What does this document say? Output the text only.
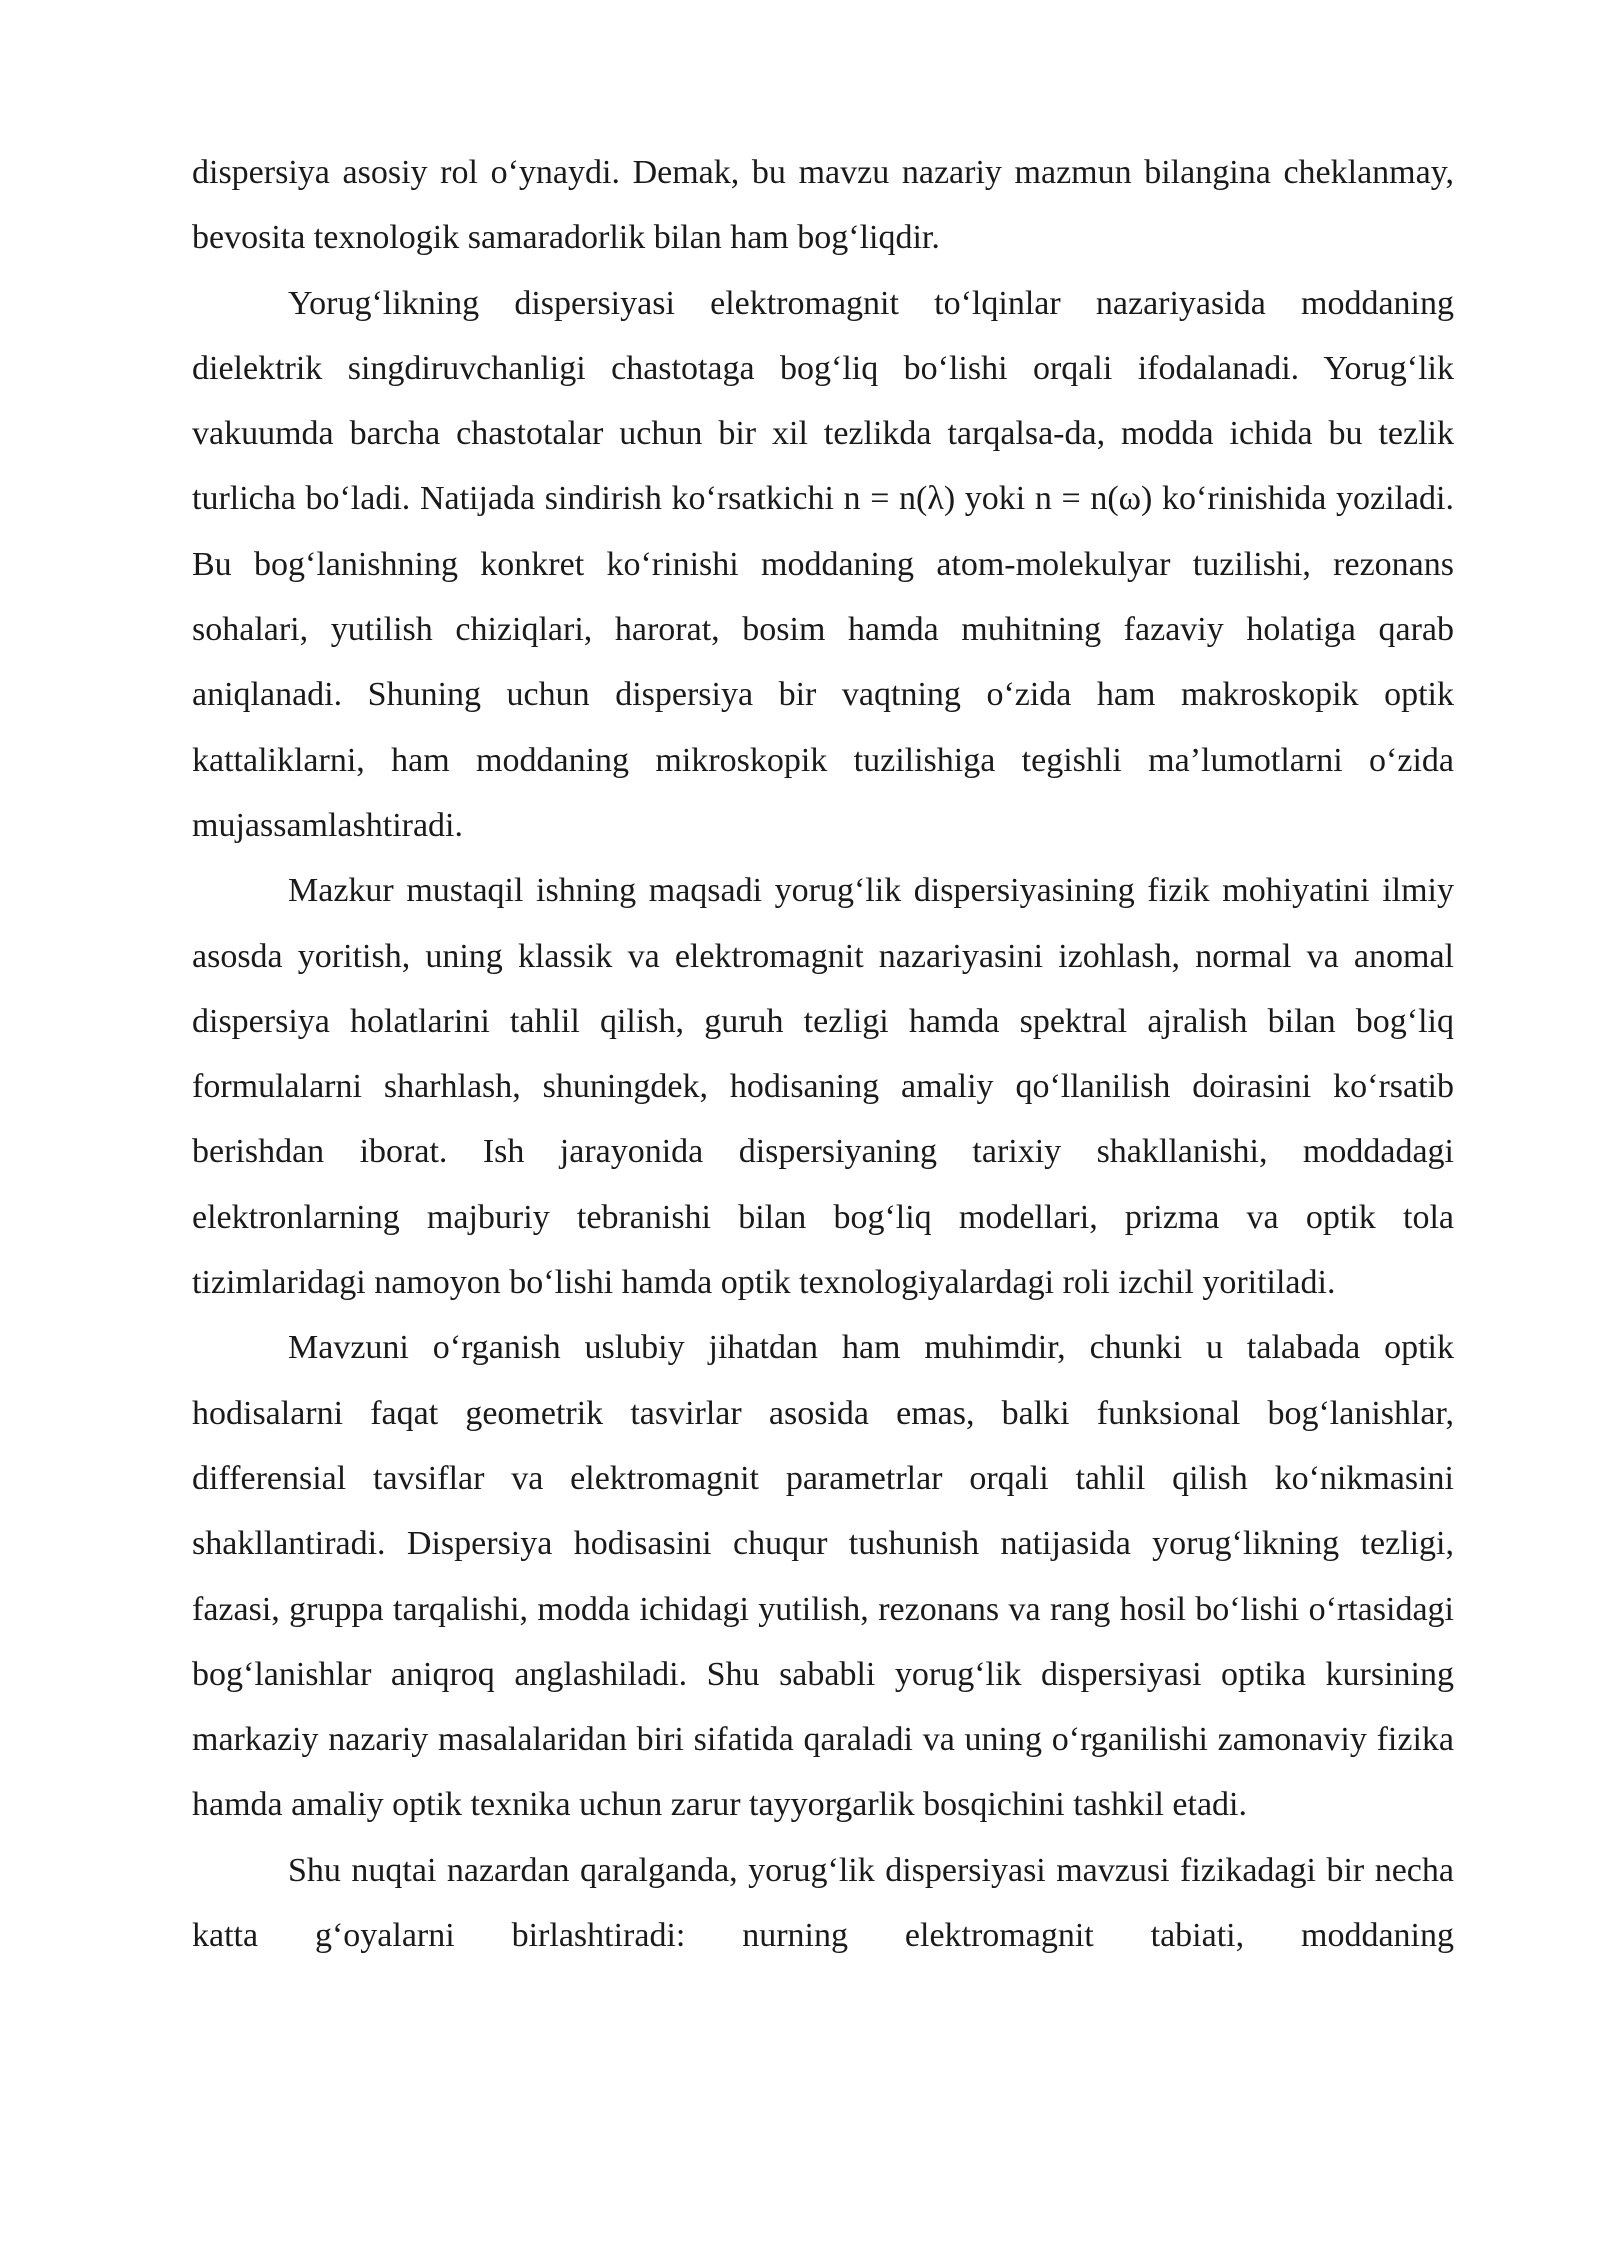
dispersiya asosiy rol o‘ynaydi. Demak, bu mavzu nazariy mazmun bilangina cheklanmay, bevosita texnologik samaradorlik bilan ham bog‘liqdir.

Yorug‘likning dispersiyasi elektromagnit to‘lqinlar nazariyasida moddaning dielektrik singdiruvchanligi chastotaga bog‘liq bo‘lishi orqali ifodalanadi. Yorug‘lik vakuumda barcha chastotalar uchun bir xil tezlikda tarqalsa-da, modda ichida bu tezlik turlicha bo‘ladi. Natijada sindirish ko‘rsatkichi n = n(λ) yoki n = n(ω) ko‘rinishida yoziladi. Bu bog‘lanishning konkret ko‘rinishi moddaning atom-molekulyar tuzilishi, rezonans sohalari, yutilish chiziqlari, harorat, bosim hamda muhitning fazaviy holatiga qarab aniqlanadi. Shuning uchun dispersiya bir vaqtning o‘zida ham makroskopik optik kattaliklarni, ham moddaning mikroskopik tuzilishiga tegishli ma’lumotlarni o‘zida mujassamlashtiradi.

Mazkur mustaqil ishning maqsadi yorug‘lik dispersiyasining fizik mohiyatini ilmiy asosda yoritish, uning klassik va elektromagnit nazariyasini izohlash, normal va anomal dispersiya holatlarini tahlil qilish, guruh tezligi hamda spektral ajralish bilan bog‘liq formulalarni sharhlash, shuningdek, hodisaning amaliy qo‘llanilish doirasini ko‘rsatib berishdan iborat. Ish jarayonida dispersiyaning tarixiy shakllanishi, moddadagi elektronlarning majburiy tebranishi bilan bog‘liq modellari, prizma va optik tola tizimlaridagi namoyon bo‘lishi hamda optik texnologiyalardagi roli izchil yoritiladi.

Mavzuni o‘rganish uslubiy jihatdan ham muhimdir, chunki u talabada optik hodisalarni faqat geometrik tasvirlar asosida emas, balki funksional bog‘lanishlar, differensial tavsiflar va elektromagnit parametrlar orqali tahlil qilish ko‘nikmasini shakllantiradi. Dispersiya hodisasini chuqur tushunish natijasida yorug‘likning tezligi, fazasi, gruppa tarqalishi, modda ichidagi yutilish, rezonans va rang hosil bo‘lishi o‘rtasidagi bog‘lanishlar aniqroq anglashiladi. Shu sababli yorug‘lik dispersiyasi optika kursining markaziy nazariy masalalaridan biri sifatida qaraladi va uning o‘rganilishi zamonaviy fizika hamda amaliy optik texnika uchun zarur tayyorgarlik bosqichini tashkil etadi.

Shu nuqtai nazardan qaralganda, yorug‘lik dispersiyasi mavzusi fizikadagi bir necha katta g‘oyalarni birlashtiradi: nurning elektromagnit tabiati, moddaning
